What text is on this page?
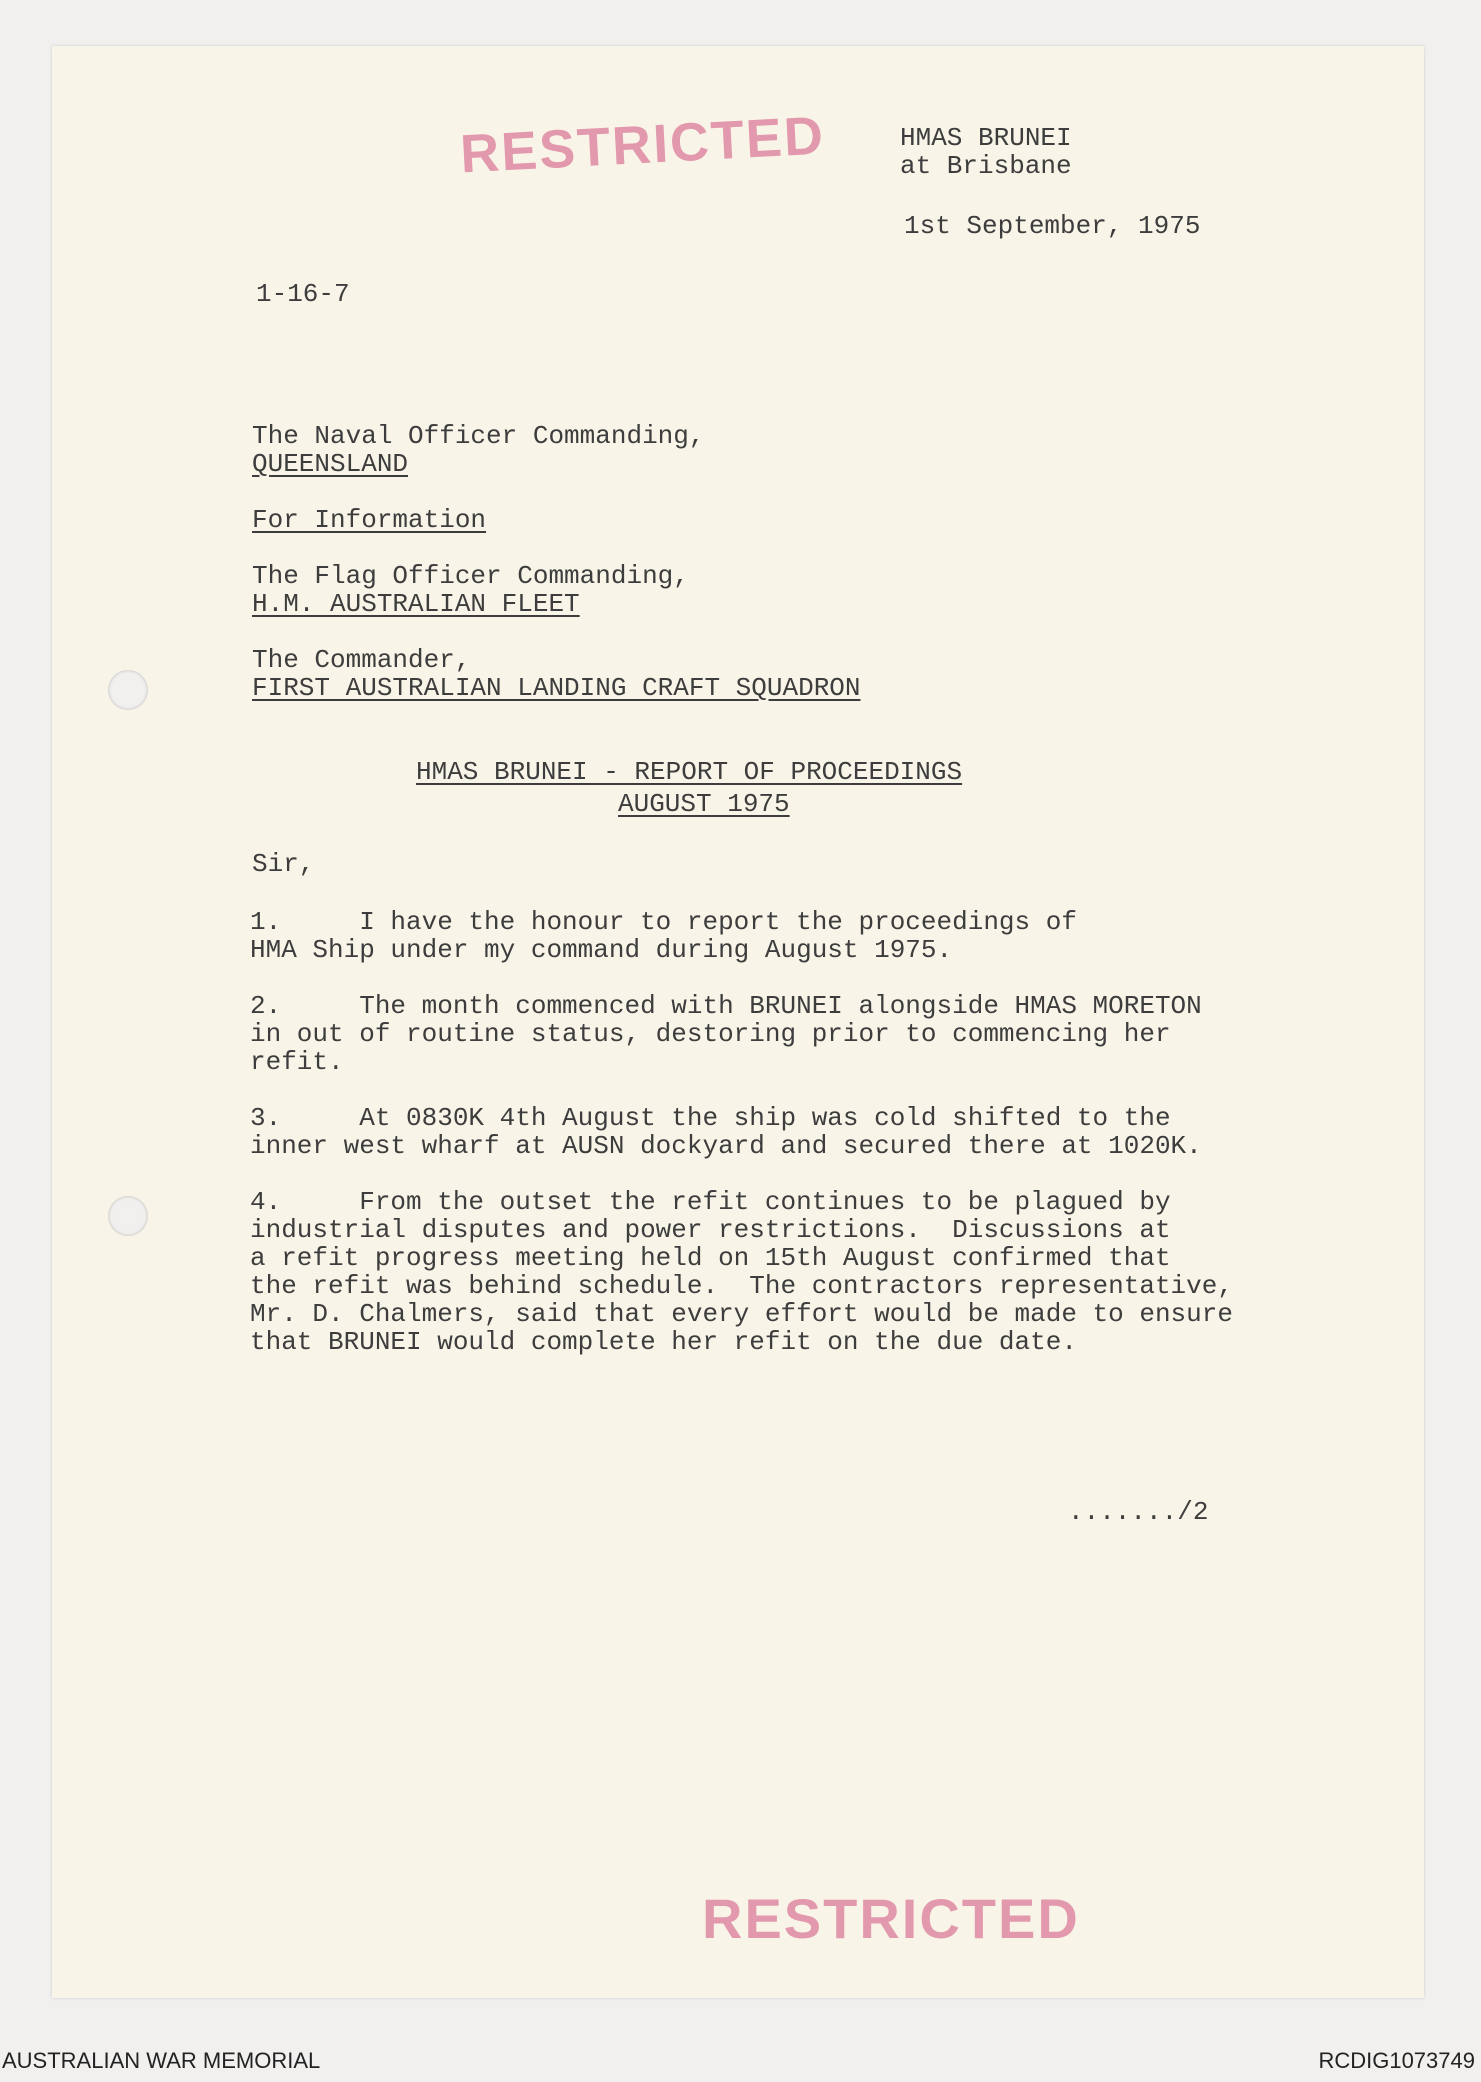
RESTRICTED	HMAS BRUNEI
at Brisbane
1st September, 1975
1-16-7
The Naval Officer Commanding,
QUEENSLAND
For Information
The Flag Officer Commanding,
H.M. AUSTRALIAN FLEET
The Commander,
FIRST AUSTRALIAN LANDING CRAFT SQUADRON
HMAS BRUNEI - REPORT OF PROCEEDINGS
AUGUST 1975
Sir,
1.     I have the honour to report the proceedings of
HMA Ship under my command during August 1975.
2.     The month commenced with BRUNEI alongside HMAS MORETON
in out of routine status, destoring prior to commencing her
refit.
3.     At 0830K 4th August the ship was cold shifted to the
inner west wharf at AUSN dockyard and secured there at 1020K.
4.     From the outset the refit continues to be plagued by
industrial disputes and power restrictions.  Discussions at
a refit progress meeting held on 15th August confirmed that
the refit was behind schedule.  The contractors representative,
Mr. D. Chalmers, said that every effort would be made to ensure
that BRUNEI would complete her refit on the due date.
......./2
RESTRICTED
AUSTRALIAN WAR MEMORIAL	RCDIG1073749
